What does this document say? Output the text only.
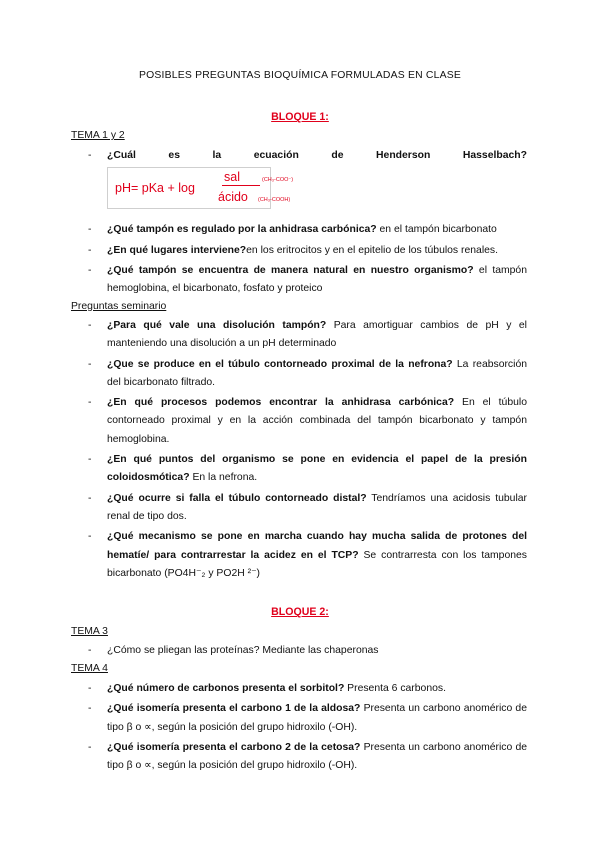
POSIBLES PREGUNTAS BIOQUÍMICA FORMULADAS EN CLASE
BLOQUE 1:
TEMA 1 y 2
- ¿Cuál	es	la	ecuación	de	Henderson	Hasselbach?
pH= pKa + log
sal	(CH₃-COO⁻)
ácido (CH₃-COOH)
- ¿Qué tampón es regulado por la anhidrasa carbónica? en el tampón bicarbonato
- ¿En qué lugares interviene?en los eritrocitos y en el epitelio de los túbulos renales.
- ¿Qué tampón se encuentra de manera natural en nuestro organismo? el tampón hemoglobina, el bicarbonato, fosfato y proteico
Preguntas seminario
- ¿Para qué vale una disolución tampón? Para amortiguar cambios de pH y el manteniendo una disolución a un pH determinado
- ¿Que se produce en el túbulo contorneado proximal de la nefrona? La reabsorción del bicarbonato filtrado.
- ¿En qué procesos podemos encontrar la anhidrasa carbónica? En el túbulo contorneado proximal y en la acción combinada del tampón bicarbonato y tampón hemoglobina.
- ¿En qué puntos del organismo se pone en evidencia el papel de la presión coloidosmótica? En la nefrona.
- ¿Qué ocurre si falla el túbulo contorneado distal? Tendríamos una acidosis tubular renal de tipo dos.
- ¿Qué mecanismo se pone en marcha cuando hay mucha salida de protones del hematíe/ para contrarrestar la acidez en el TCP? Se contrarresta con los tampones bicarbonato (PO4H⁻₂ y PO2H ²⁻)
BLOQUE 2:
TEMA 3
- ¿Cómo se pliegan las proteínas? Mediante las chaperonas
TEMA 4
- ¿Qué número de carbonos presenta el sorbitol? Presenta 6 carbonos.
- ¿Qué isomería presenta el carbono 1 de la aldosa? Presenta un carbono anomérico de tipo β o ∝, según la posición del grupo hidroxilo (-OH).
- ¿Qué isomería presenta el carbono 2 de la cetosa? Presenta un carbono anomérico de tipo β o ∝, según la posición del grupo hidroxilo (-OH).
